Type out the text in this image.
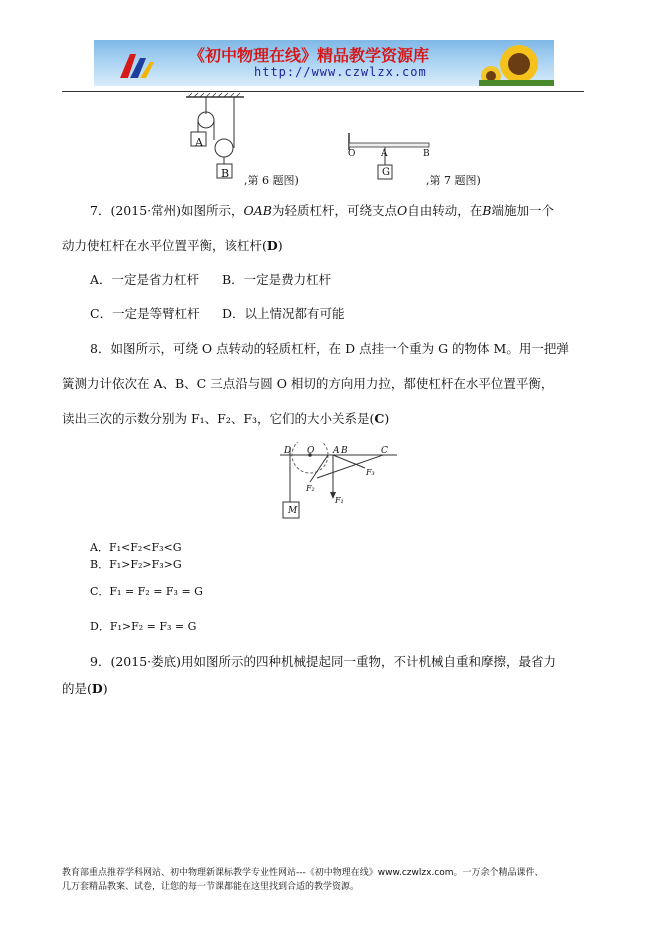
《初中物理在线》精品教学资源库
http://www.czwlzx.com
A
B
,第 6 题图)
O	A	B
G
,第 7 题图)
7．(2015·常州)如图所示，OAB为轻质杠杆，可绕支点O自由转动，在B端施加一个
动力使杠杆在水平位置平衡，该杠杆(D)
A．一定是省力杠杆 B．一定是费力杠杆
C．一定是等臂杠杆 D．以上情况都有可能
8．如图所示，可绕 O 点转动的轻质杠杆，在 D 点挂一个重为 G 的物体 M。用一把弹
簧测力计依次在 A、B、C 三点沿与圆 O 相切的方向用力拉，都使杠杆在水平位置平衡，
读出三次的示数分别为 F₁、F₂、F₃，它们的大小关系是(C)
D O A B	C
F₃
F₂
F₁
M
A．F₁<F₂<F₃<G
B．F₁>F₂>F₃>G
C．F₁ = F₂ = F₃ = G
D．F₁>F₂ = F₃ = G
9．(2015·娄底)用如图所示的四种机械提起同一重物，不计机械自重和摩擦，最省力
的是(D)
教育部重点推荐学科网站、初中物理新课标教学专业性网站---《初中物理在线》www.czwlzx.com。一万余个精品课件、
几万套精品教案、试卷，让您的每一节课都能在这里找到合适的教学资源。
